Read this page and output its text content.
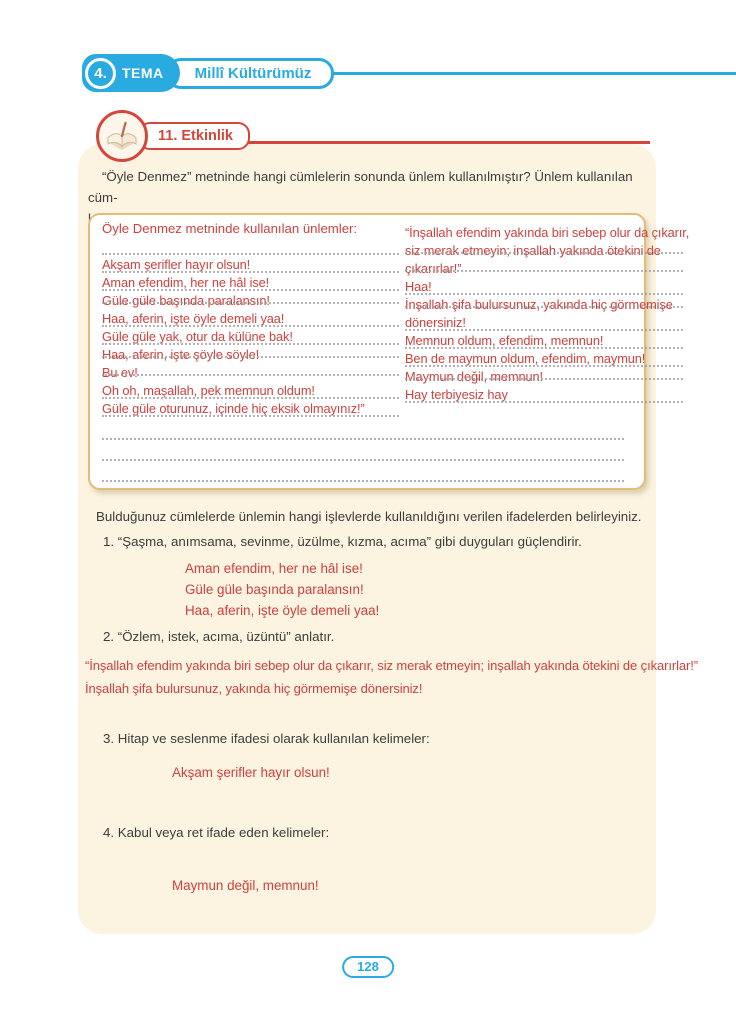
4.	TEMA	Millî Kültürümüz
11. Etkinlik
“Öyle Denmez” metninde hangi cümlelerin sonunda ünlem kullanılmıştır? Ünlem kullanılan cüm-
Öyle Denmez metninde kullanılan ünlemler:
Akşam şerifler hayır olsun!
Aman efendim, her ne hâl ise!
Güle güle başında paralansın!
Haa, aferin, işte öyle demeli yaa!
Güle güle yak, otur da külüne bak!
Haa, aferin, işte şöyle söyle!
Bu ev!
Oh oh, maşallah, pek memnun oldum!
Güle güle oturunuz, içinde hiç eksik olmayınız!”
“İnşallah efendim yakında biri sebep olur da çıkarır,
siz merak etmeyin; inşallah yakında ötekini de
çıkarırlar!”
Haa!
İnşallah şifa bulursunuz, yakında hiç görmemişe
dönersiniz!
Memnun oldum, efendim, memnun!
Ben de maymun oldum, efendim, maymun!
Maymun değil, memnun!
Hay terbiyesiz hay
Bulduğunuz cümlelerde ünlemin hangi işlevlerde kullanıldığını verilen ifadelerden belirleyiniz.
1. “Şaşma, anımsama, sevinme, üzülme, kızma, acıma” gibi duyguları güçlendirir.
Aman efendim, her ne hâl ise!
Güle güle başında paralansın!
Haa, aferin, işte öyle demeli yaa!
2. “Özlem, istek, acıma, üzüntü” anlatır.
“İnşallah efendim yakında biri sebep olur da çıkarır, siz merak etmeyin; inşallah yakında ötekini de çıkarırlar!”
İnşallah şifa bulursunuz, yakında hiç görmemişe dönersiniz!
3. Hitap ve seslenme ifadesi olarak kullanılan kelimeler:
Akşam şerifler hayır olsun!
4. Kabul veya ret ifade eden kelimeler:
Maymun değil, memnun!
128
